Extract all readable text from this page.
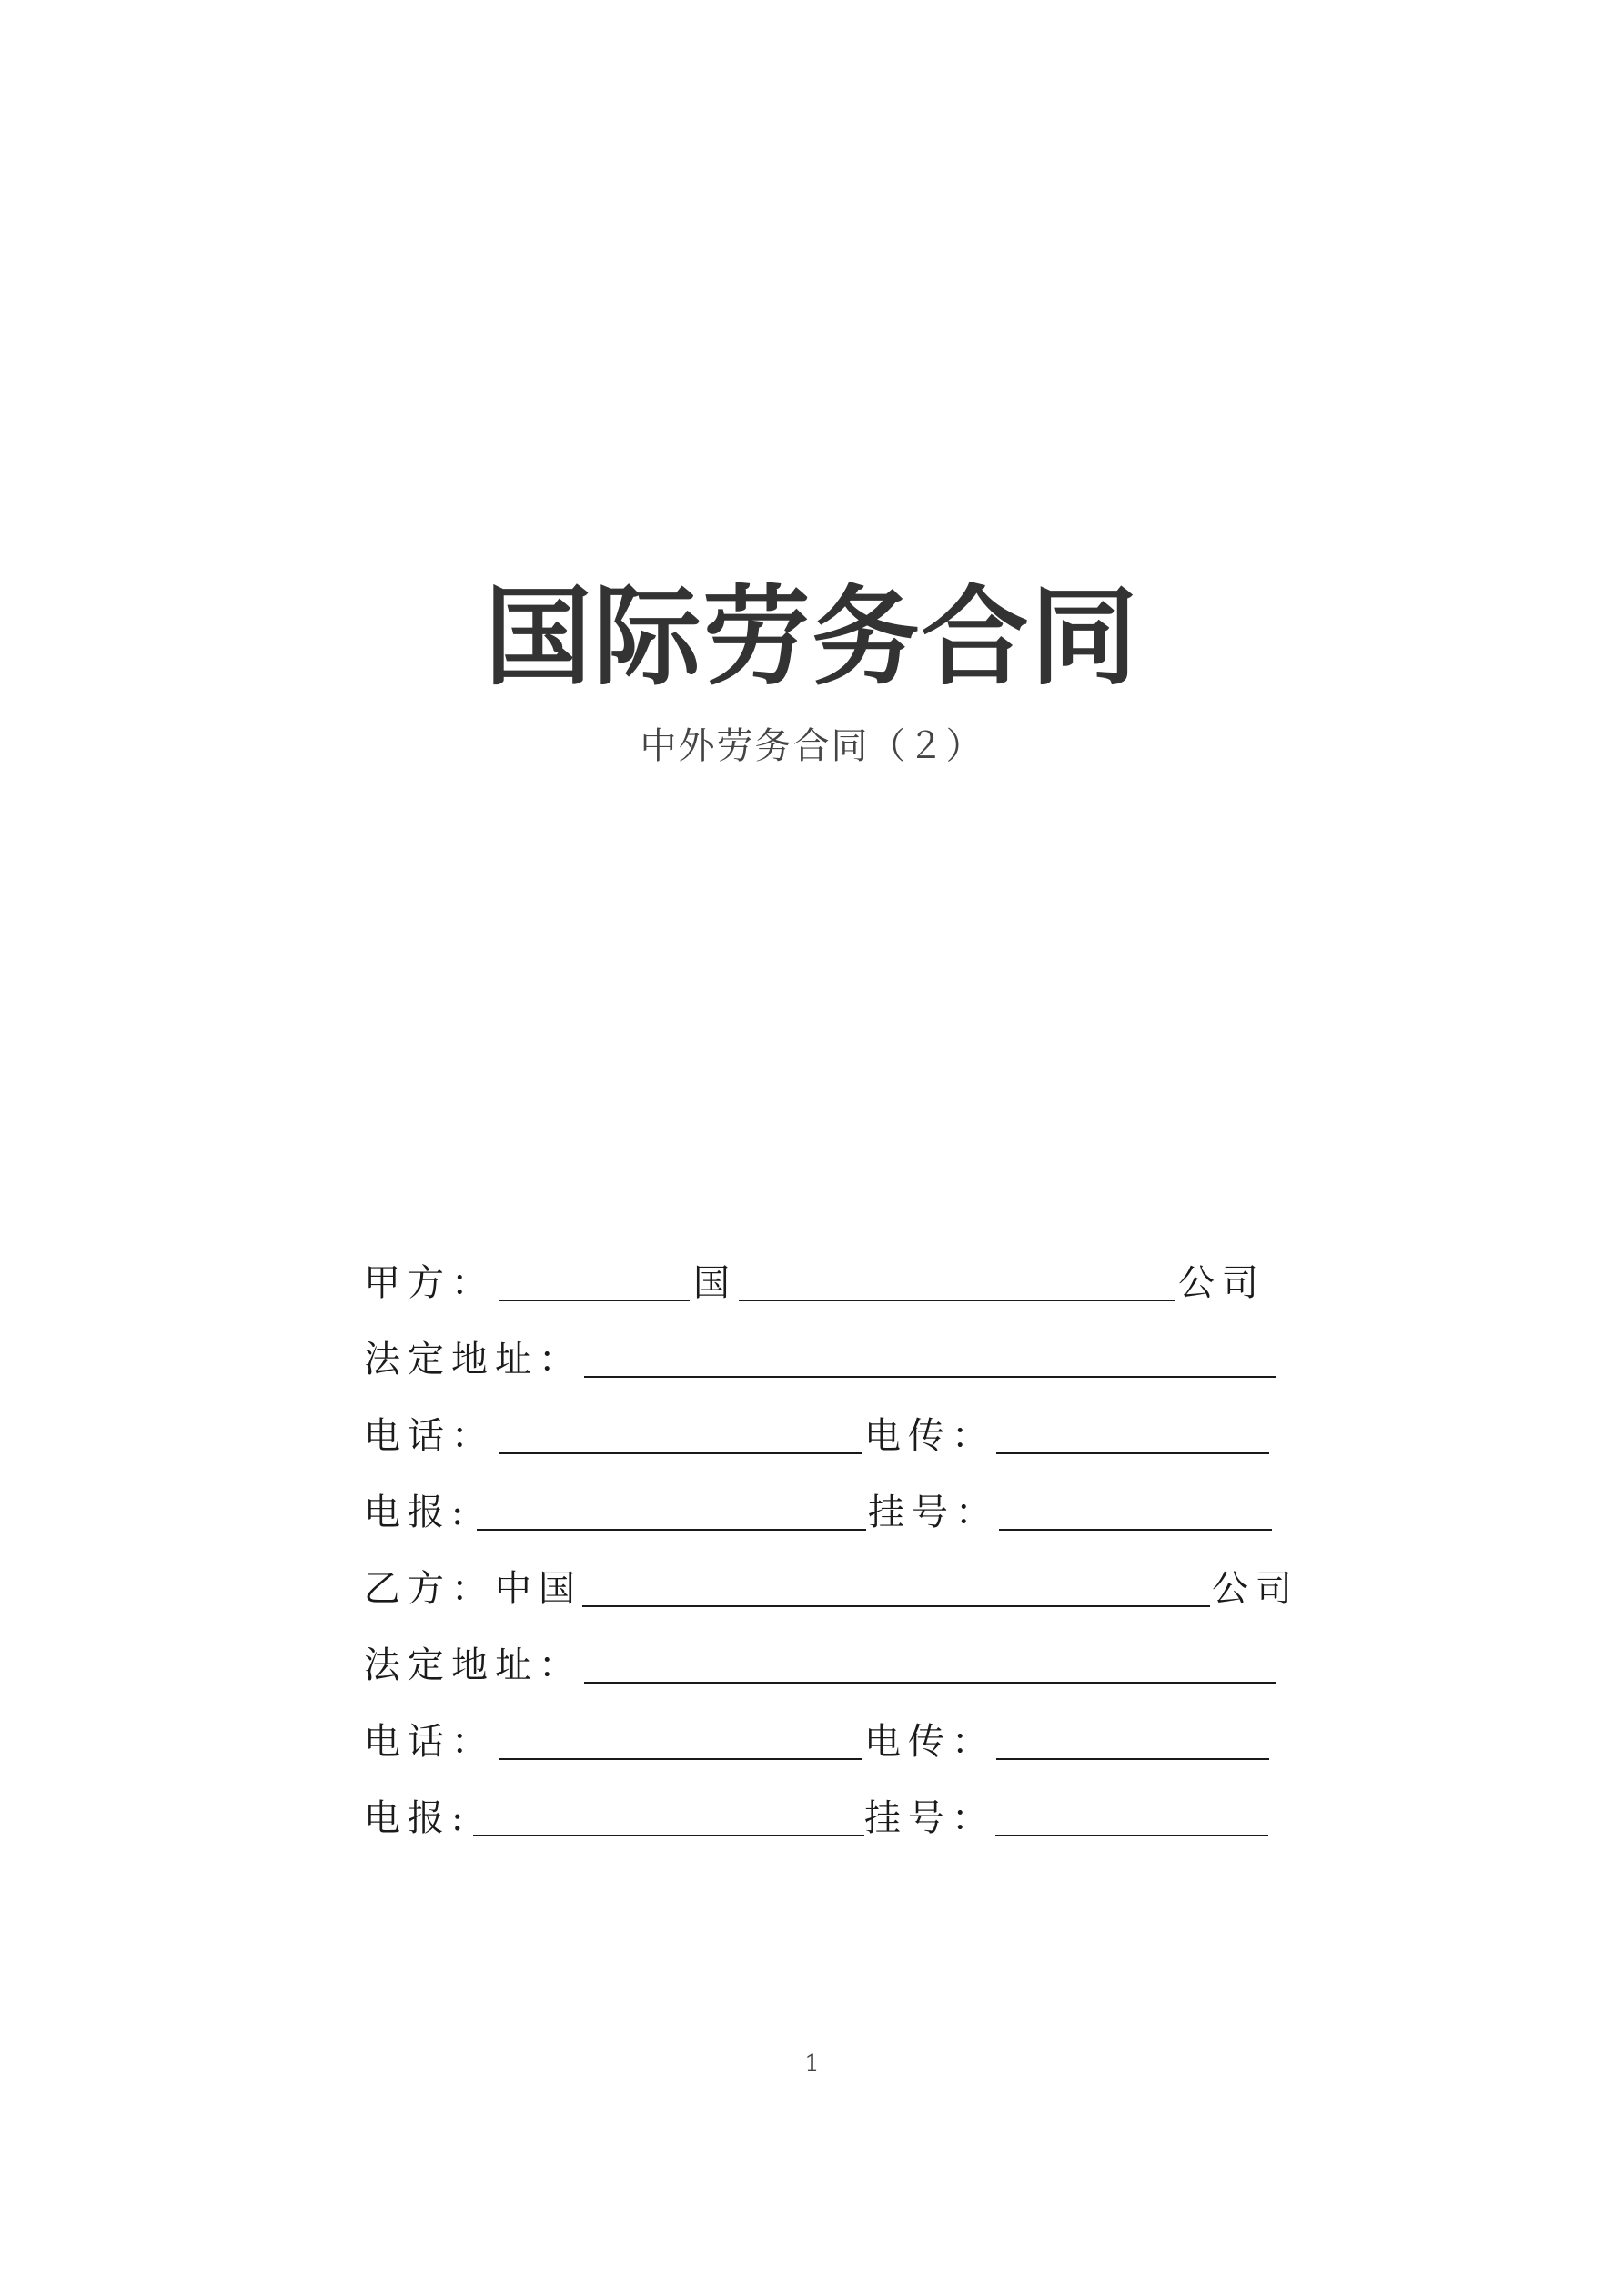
国际劳务合同
中外劳务合同（２）
甲方：	国	公司
法定地址：
电话：	电传：
电报:	挂号：
乙方：中国	公司
法定地址：
电话：	电传：
电报:	挂号：
1
